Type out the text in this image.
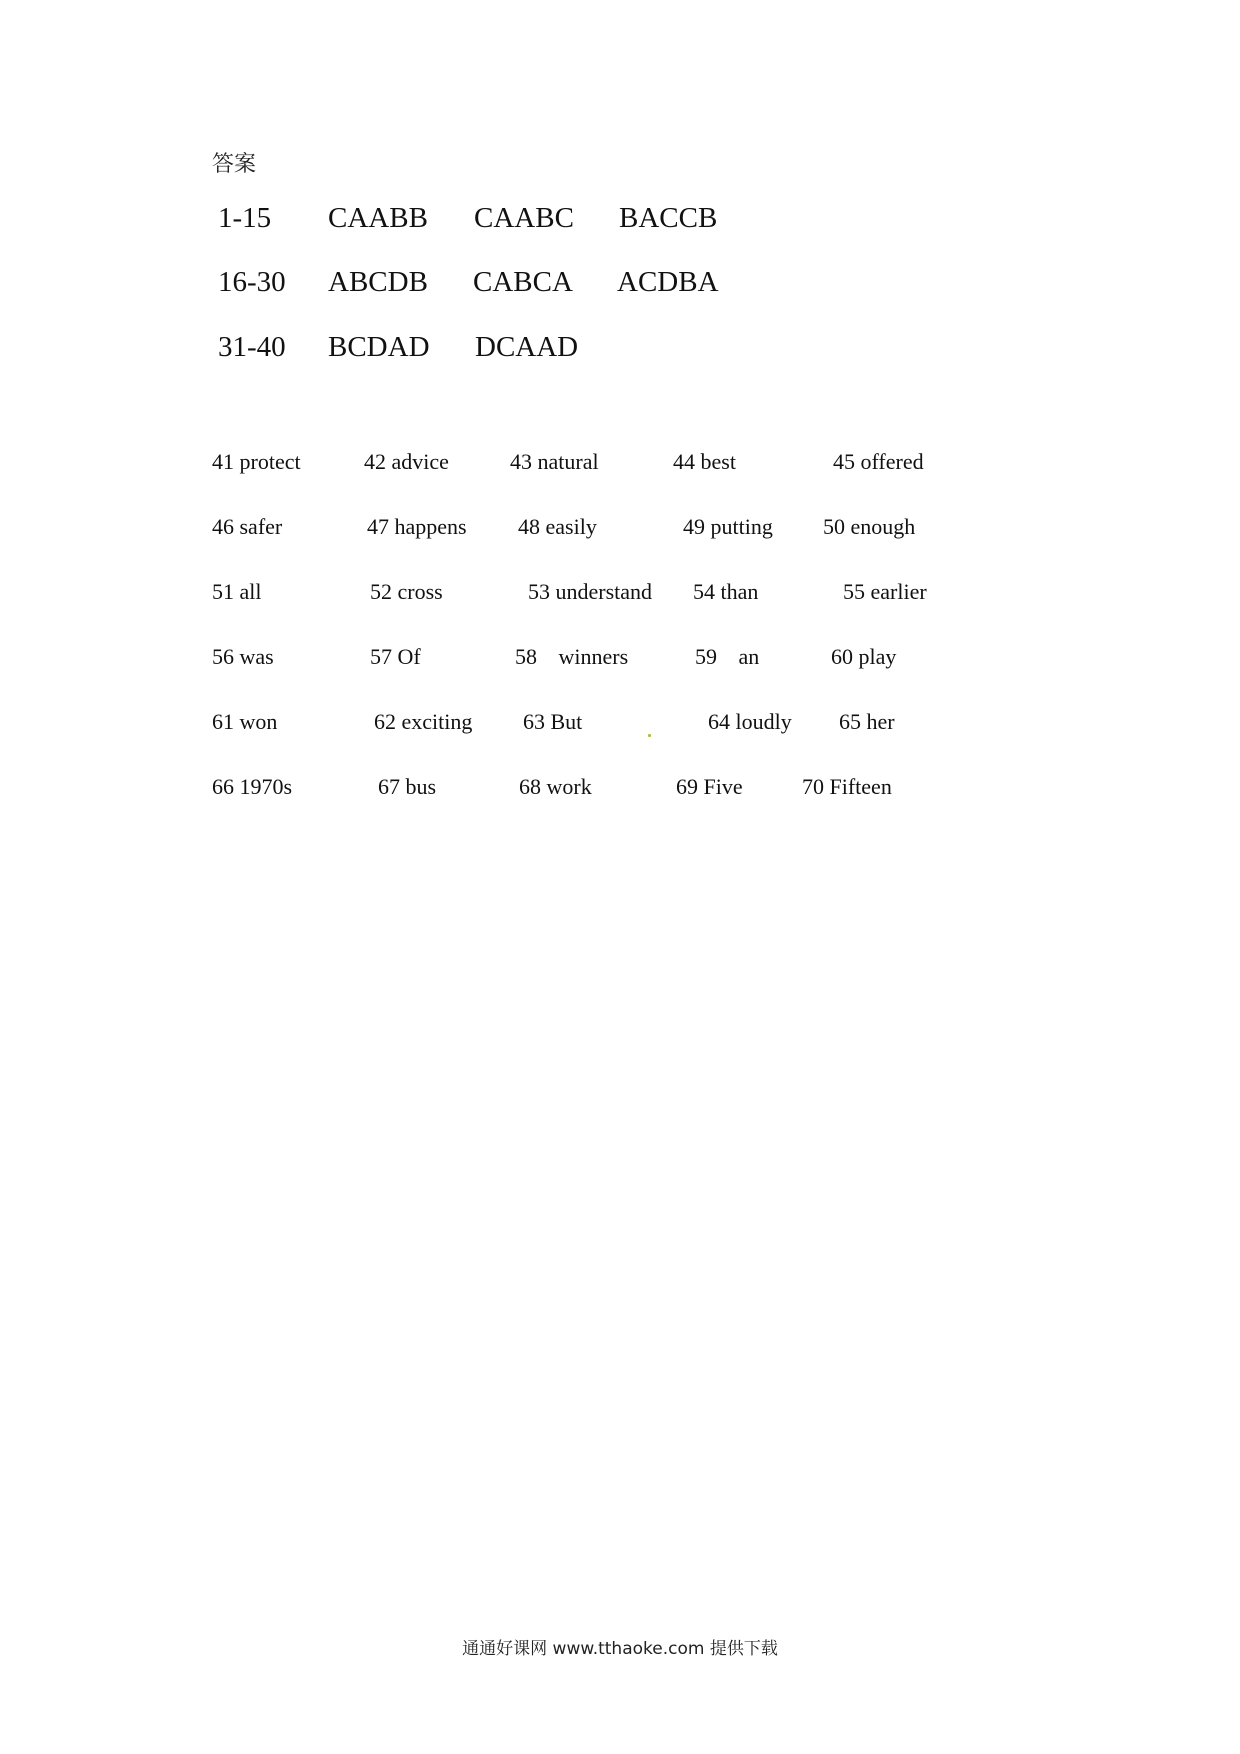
答案
1-15 CAABB CAABC BACCB
16-30 ABCDB CABCA ACDBA
31-40 BCDAD DCAAD
41 protect	42 advice	43 natural	44 best	45 offered
46 safer	47 happens 48 easily	49 putting 50 enough
51 all	52 cross	53 understand 54 than	55 earlier
56 was	57 Of	58 winners	59 an	60 play
61 won	62 exciting 63 But	64 loudly 65 her
66 1970s	67 bus	68 work	69 Five	70 Fifteen
通通好课网 www.tthaoke.com 提供下载
